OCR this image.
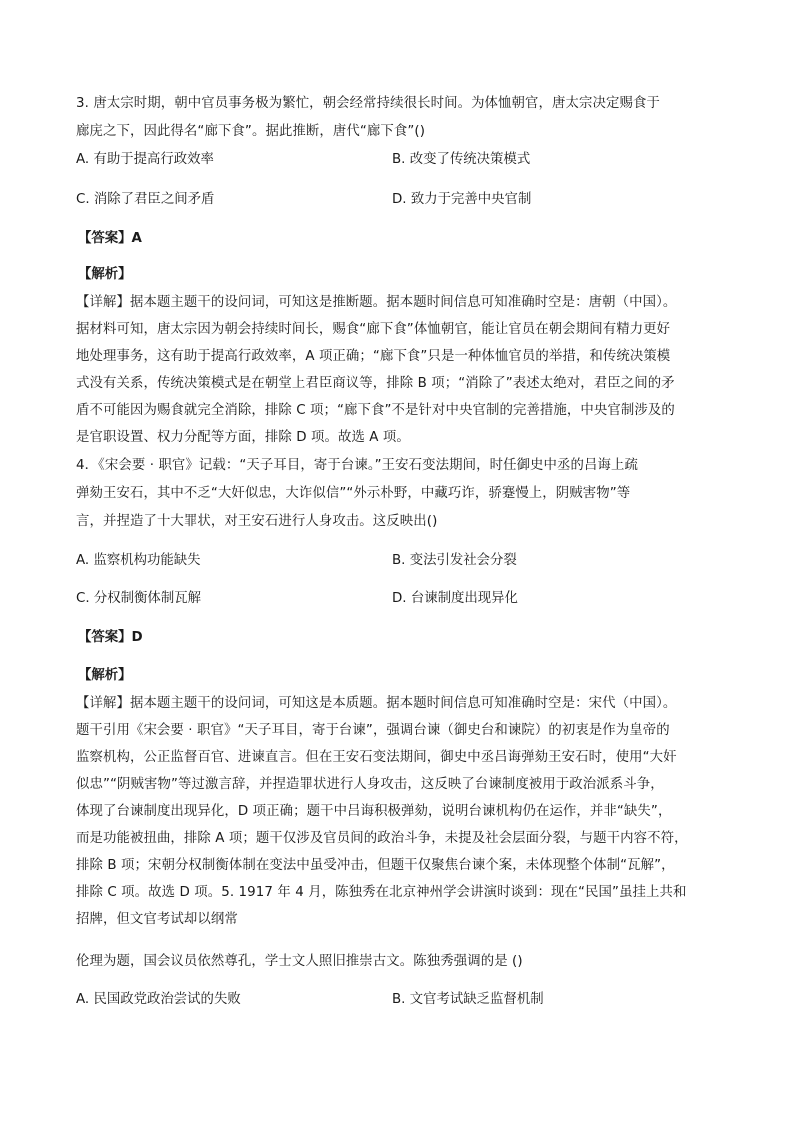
3. 唐太宗时期，朝中官员事务极为繁忙，朝会经常持续很长时间。为体恤朝官，唐太宗决定赐食于
廊庑之下，因此得名“廊下食”。据此推断，唐代“廊下食”()
A. 有助于提高行政效率	B. 改变了传统决策模式
C. 消除了君臣之间矛盾	D. 致力于完善中央官制
【答案】A
【解析】
【详解】据本题主题干的设问词，可知这是推断题。据本题时间信息可知准确时空是：唐朝（中国）。
据材料可知，唐太宗因为朝会持续时间长，赐食“廊下食”体恤朝官，能让官员在朝会期间有精力更好
地处理事务，这有助于提高行政效率，A 项正确；“廊下食”只是一种体恤官员的举措，和传统决策模
式没有关系，传统决策模式是在朝堂上君臣商议等，排除 B 项；“消除了”表述太绝对，君臣之间的矛
盾不可能因为赐食就完全消除，排除 C 项；“廊下食”不是针对中央官制的完善措施，中央官制涉及的
是官职设置、权力分配等方面，排除 D 项。故选 A 项。
4．《宋会要 · 职官》记载：“天子耳目，寄于台谏。”王安石变法期间，时任御史中丞的吕诲上疏
弹劾王安石，其中不乏“大奸似忠，大诈似信”“外示朴野，中藏巧诈，骄蹇慢上，阴贼害物”等
言，并捏造了十大罪状，对王安石进行人身攻击。这反映出()
A. 监察机构功能缺失	B. 变法引发社会分裂
C. 分权制衡体制瓦解	D. 台谏制度出现异化
【答案】D
【解析】
【详解】据本题主题干的设问词，可知这是本质题。据本题时间信息可知准确时空是：宋代（中国）。
题干引用《宋会要 · 职官》“天子耳目，寄于台谏”，强调台谏（御史台和谏院）的初衷是作为皇帝的
监察机构，公正监督百官、进谏直言。但在王安石变法期间，御史中丞吕诲弹劾王安石时，使用“大奸
似忠”“阴贼害物”等过激言辞，并捏造罪状进行人身攻击，这反映了台谏制度被用于政治派系斗争，
体现了台谏制度出现异化，D 项正确；题干中吕诲积极弹劾，说明台谏机构仍在运作，并非“缺失”，
而是功能被扭曲，排除 A 项；题干仅涉及官员间的政治斗争，未提及社会层面分裂，与题干内容不符，
排除 B 项；宋朝分权制衡体制在变法中虽受冲击，但题干仅聚焦台谏个案，未体现整个体制“瓦解”，
排除 C 项。故选 D 项。5. 1917 年 4 月，陈独秀在北京神州学会讲演时谈到：现在“民国”虽挂上共和
招牌，但文官考试却以纲常
伦理为题，国会议员依然尊孔，学士文人照旧推崇古文。陈独秀强调的是 ()
A. 民国政党政治尝试的失败	B. 文官考试缺乏监督机制
